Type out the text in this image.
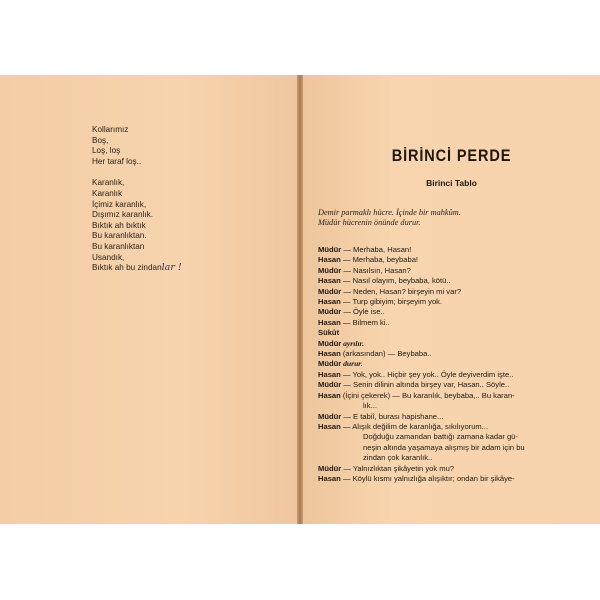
Kollarımız
Boş,
Loş, loş
Her taraf loş..
Karanlık,
Karanlık
İçimiz karanlık,
Dışımız karanlık.
Bıktık ah bıktık
Bu karanlıktan.
Bu karanlıktan
Usandık,
Bıktık ah bu zindanlar !
BİRİNCİ PERDE
Birinci Tablo
Demir parmaklı hücre. İçinde bir mahkûm.
Müdür hücrenin önünde durur.
Müdür — Merhaba, Hasan!
Hasan — Merhaba, beybaba!
Müdür — Nasılsın, Hasan?
Hasan — Nasıl olayım, beybaba, kötü..
Müdür — Neden, Hasan? birşeyin mi var?
Hasan — Turp gibiyim; birşeyim yok.
Müdür — Öyle ise..
Hasan — Bilmem ki..
Sükût
Müdür ayrılır.
Hasan (arkasından) — Beybaba..
Müdür durur.
Hasan — Yok, yok.. Hiçbir şey yok.. Öyle deyiverdim işte..
Müdür — Senin dilinin altında birşey var, Hasan.. Söyle..
Hasan (İçini çekerek) — Bu karanlık, beybaba,.. Bu karan-
lık...
Müdür — E tabiî, burası hapishane...
Hasan — Alışık değilim de karanlığa, sıkılıyorum...
Doğduğu zamandan battığı zamana kadar gü-
neşin altında yaşamaya alışmış bir adam için bu
zindan çok karanlık..
Müdür — Yalnızlıktan şikâyetin yok mu?
Hasan — Köylü kısmı yalnızlığa alışıktır; ondan bir şikâye-
